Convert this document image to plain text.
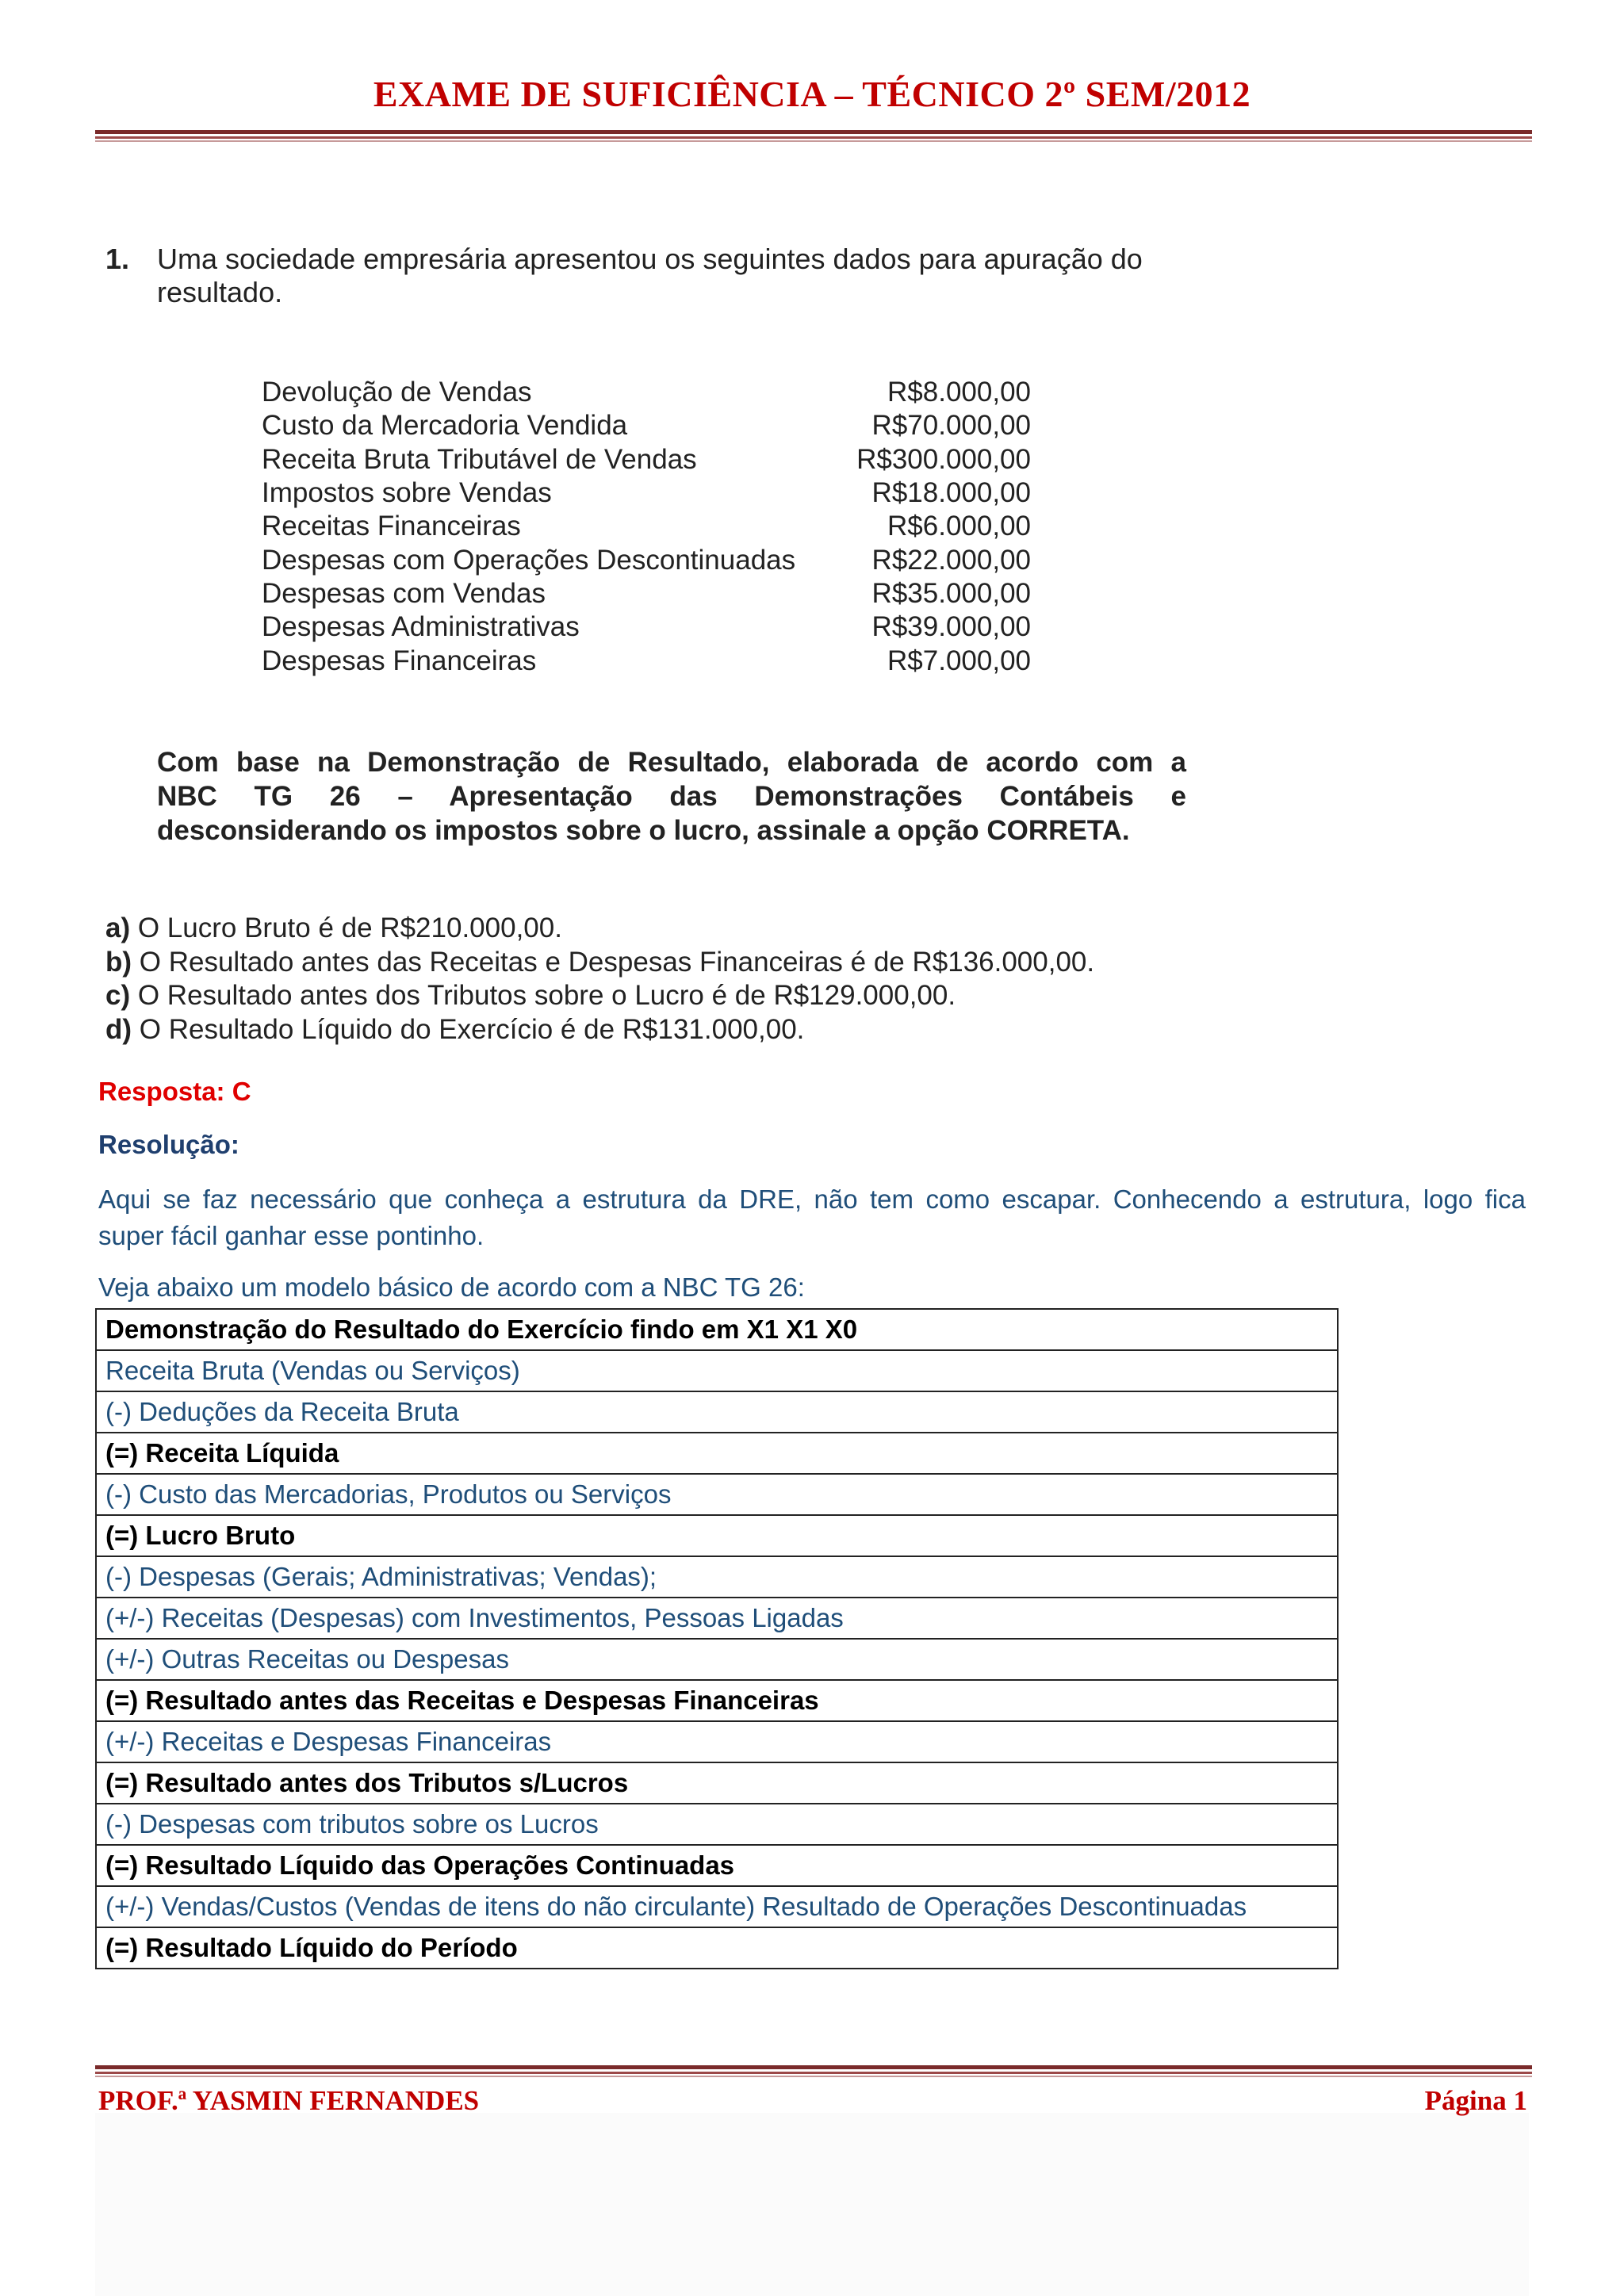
EXAME DE SUFICIÊNCIA – TÉCNICO 2º SEM/2012
1. Uma sociedade empresária apresentou os seguintes dados para apuração do
resultado.
Devolução de Vendas	R$8.000,00
Custo da Mercadoria Vendida	R$70.000,00
Receita Bruta Tributável de Vendas	R$300.000,00
Impostos sobre Vendas	R$18.000,00
Receitas Financeiras	R$6.000,00
Despesas com Operações Descontinuadas	R$22.000,00
Despesas com Vendas	R$35.000,00
Despesas Administrativas	R$39.000,00
Despesas Financeiras	R$7.000,00
Com base na Demonstração de Resultado, elaborada de acordo com a
NBC TG 26 – Apresentação das Demonstrações Contábeis e
desconsiderando os impostos sobre o lucro, assinale a opção CORRETA.
a) O Lucro Bruto é de R$210.000,00.
b) O Resultado antes das Receitas e Despesas Financeiras é de R$136.000,00.
c) O Resultado antes dos Tributos sobre o Lucro é de R$129.000,00.
d) O Resultado Líquido do Exercício é de R$131.000,00.
Resposta: C
Resolução:
Aqui se faz necessário que conheça a estrutura da DRE, não tem como escapar. Conhecendo a estrutura, logo fica
super fácil ganhar esse pontinho.
Veja abaixo um modelo básico de acordo com a NBC TG 26:
Demonstração do Resultado do Exercício findo em X1 X1 X0
Receita Bruta (Vendas ou Serviços)
(-) Deduções da Receita Bruta
(=) Receita Líquida
(-) Custo das Mercadorias, Produtos ou Serviços
(=) Lucro Bruto
(-) Despesas (Gerais; Administrativas; Vendas);
(+/-) Receitas (Despesas) com Investimentos, Pessoas Ligadas
(+/-) Outras Receitas ou Despesas
(=) Resultado antes das Receitas e Despesas Financeiras
(+/-) Receitas e Despesas Financeiras
(=) Resultado antes dos Tributos s/Lucros
(-) Despesas com tributos sobre os Lucros
(=) Resultado Líquido das Operações Continuadas
(+/-) Vendas/Custos (Vendas de itens do não circulante) Resultado de Operações Descontinuadas
(=) Resultado Líquido do Período
PROF.ª YASMIN FERNANDES	Página 1
